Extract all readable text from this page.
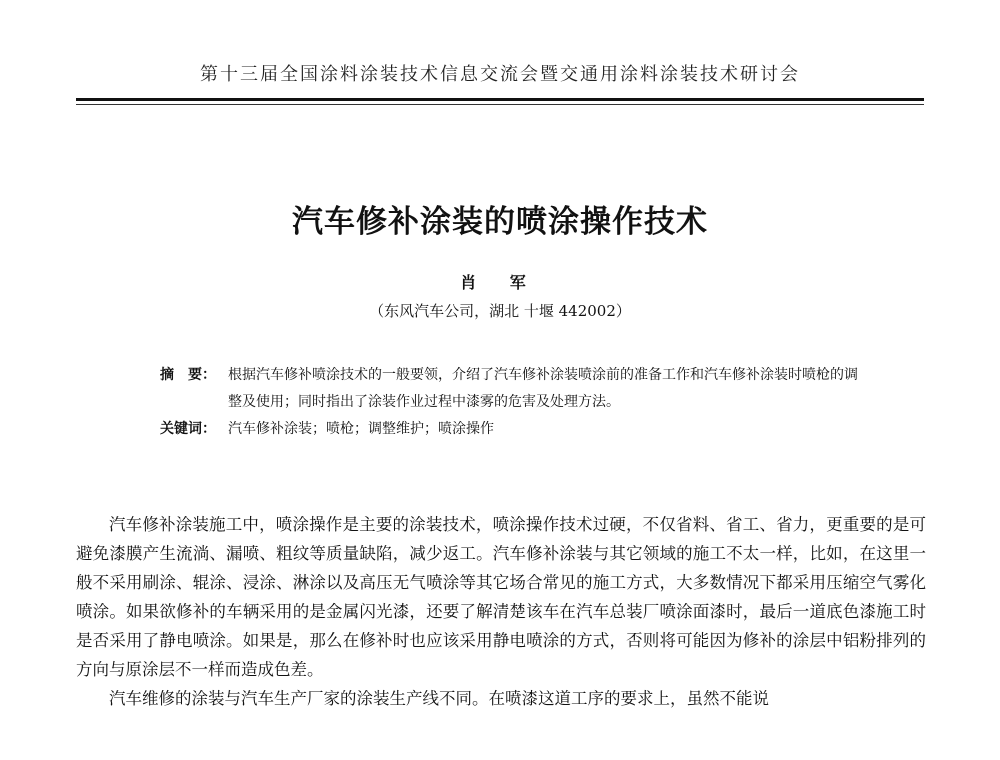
第十三届全国涂料涂装技术信息交流会暨交通用涂料涂装技术研讨会
汽车修补涂装的喷涂操作技术
肖 军
（东风汽车公司，湖北 十堰 442002）
摘　要： 根据汽车修补喷涂技术的一般要领，介绍了汽车修补涂装喷涂前的准备工作和汽车修补涂装时喷枪的调整及使用；同时指出了涂装作业过程中漆雾的危害及处理方法。
关键词： 汽车修补涂装；喷枪；调整维护；喷涂操作

汽车修补涂装施工中，喷涂操作是主要的涂装技术，喷涂操作技术过硬，不仅省料、省工、省力，更重要的是可避免漆膜产生流淌、漏喷、粗纹等质量缺陷，减少返工。汽车修补涂装与其它领域的施工不太一样，比如，在这里一般不采用刷涂、辊涂、浸涂、淋涂以及高压无气喷涂等其它场合常见的施工方式，大多数情况下都采用压缩空气雾化喷涂。如果欲修补的车辆采用的是金属闪光漆，还要了解清楚该车在汽车总装厂喷涂面漆时，最后一道底色漆施工时是否采用了静电喷涂。如果是，那么在修补时也应该采用静电喷涂的方式，否则将可能因为修补的涂层中铝粉排列的方向与原涂层不一样而造成色差。

汽车维修的涂装与汽车生产厂家的涂装生产线不同。在喷漆这道工序的要求上，虽然不能说
